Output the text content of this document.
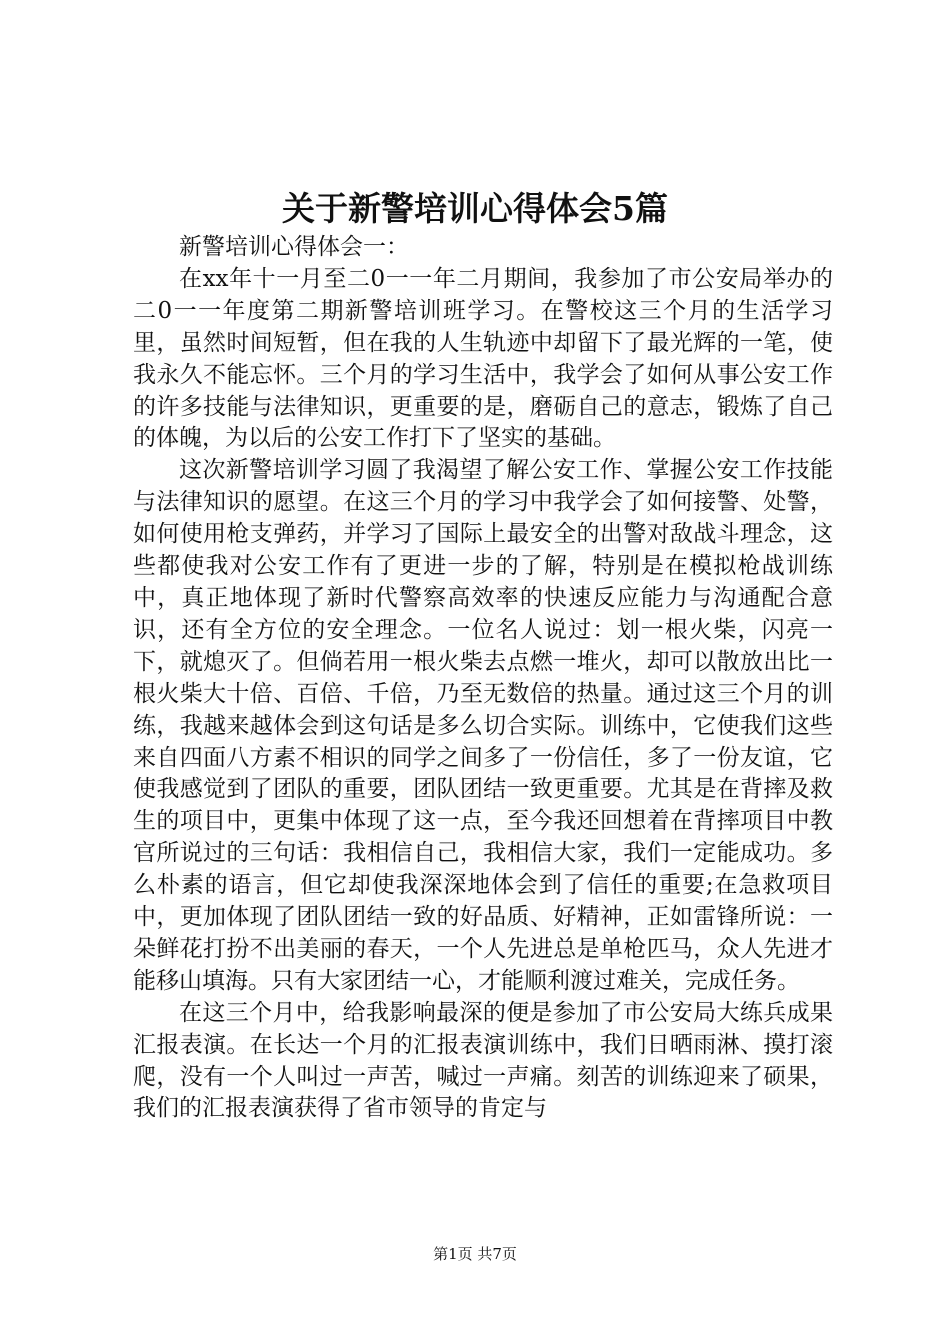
关于新警培训心得体会5篇

新警培训心得体会一：

在xx年十一月至二0一一年二月期间，我参加了市公安局举办的二0一一年度第二期新警培训班学习。在警校这三个月的生活学习里，虽然时间短暂，但在我的人生轨迹中却留下了最光辉的一笔，使我永久不能忘怀。三个月的学习生活中，我学会了如何从事公安工作的许多技能与法律知识，更重要的是，磨砺自己的意志，锻炼了自己的体魄，为以后的公安工作打下了坚实的基础。

这次新警培训学习圆了我渴望了解公安工作、掌握公安工作技能与法律知识的愿望。在这三个月的学习中我学会了如何接警、处警，如何使用枪支弹药，并学习了国际上最安全的出警对敌战斗理念，这些都使我对公安工作有了更进一步的了解，特别是在模拟枪战训练中，真正地体现了新时代警察高效率的快速反应能力与沟通配合意识，还有全方位的安全理念。一位名人说过：划一根火柴，闪亮一下，就熄灭了。但倘若用一根火柴去点燃一堆火，却可以散放出比一根火柴大十倍、百倍、千倍，乃至无数倍的热量。通过这三个月的训练，我越来越体会到这句话是多么切合实际。训练中，它使我们这些来自四面八方素不相识的同学之间多了一份信任，多了一份友谊，它使我感觉到了团队的重要，团队团结一致更重要。尤其是在背摔及救生的项目中，更集中体现了这一点，至今我还回想着在背摔项目中教官所说过的三句话：我相信自己，我相信大家，我们一定能成功。多么朴素的语言，但它却使我深深地体会到了信任的重要;在急救项目中，更加体现了团队团结一致的好品质、好精神，正如雷锋所说：一朵鲜花打扮不出美丽的春天，一个人先进总是单枪匹马，众人先进才能移山填海。只有大家团结一心，才能顺利渡过难关，完成任务。

在这三个月中，给我影响最深的便是参加了市公安局大练兵成果汇报表演。在长达一个月的汇报表演训练中，我们日晒雨淋、摸打滚爬，没有一个人叫过一声苦，喊过一声痛。刻苦的训练迎来了硕果，我们的汇报表演获得了省市领导的肯定与

第1页 共7页
